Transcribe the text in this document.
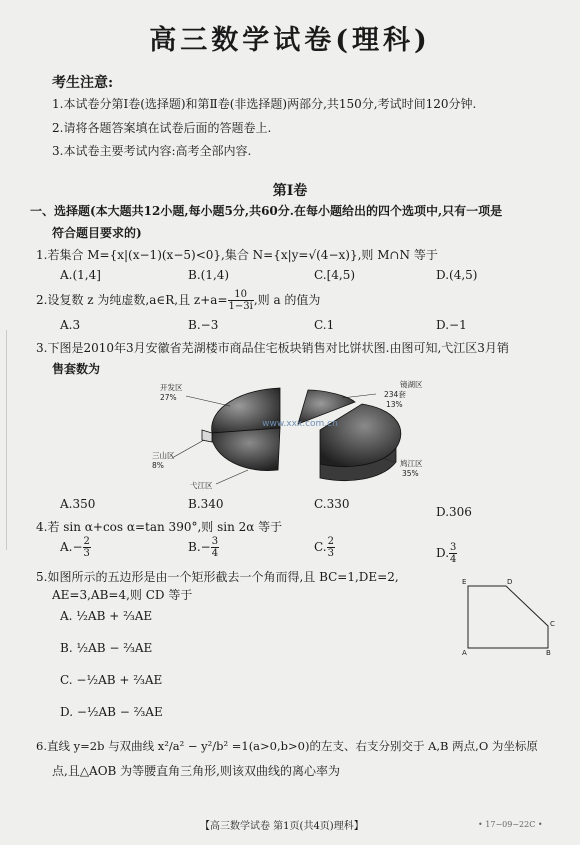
高三数学试卷(理科)
考生注意:
1.本试卷分第Ⅰ卷(选择题)和第Ⅱ卷(非选择题)两部分,共150分,考试时间120分钟.
2.请将各题答案填在试卷后面的答题卷上.
3.本试卷主要考试内容:高考全部内容.
第Ⅰ卷
一、选择题(本大题共12小题,每小题5分,共60分.在每小题给出的四个选项中,只有一项是
符合题目要求的)
1.若集合 M={x|(x−1)(x−5)<0},集合 N={x|y=√(4−x)},则 M∩N 等于
A.(1,4]	B.(1,4)	C.[4,5)	D.(4,5)
2.设复数 z 为纯虚数,a∈R,且 $z+a= \frac{10}{1-3i}$ ,则 a 的值为
A.3	B.−3	C.1	D.−1
3.下图是2010年3月安徽省芜湖楼市商品住宅板块销售对比饼状图.由图可知,弋江区3月销
售套数为
www.xxx.com.cn
开发区
27%
镜湖区
234套
13%
三山区
8%
弋江区
鸠江区
35%
A.350	B.340	C.330
D.306
4.若 sin α+cos α=tan 390°,则 sin 2α 等于
$A.- \frac{2}{3}$	$B.- \frac{3}{4}$	C. $\frac{2}{3}$	D. $\frac{3}{4}$
5.如图所示的五边形是由一个矩形截去一个角而得,且 BC=1,DE=2,
AE=3,AB=4,则 CD 等于
A. ½AB + ⅔AE
B. ½AB − ⅔AE
C. −½AB + ⅔AE
D. −½AB − ⅔AE
E	D
C
A	B
6.直线 y=2b 与双曲线 x²/a² − y²/b² =1(a>0,b>0)的左支、右支分别交于 A,B 两点,O 为坐标原
点,且△AOB 为等腰直角三角形,则该双曲线的离心率为
【高三数学试卷 第1页(共4页)理科】	• 17−09−22C •
